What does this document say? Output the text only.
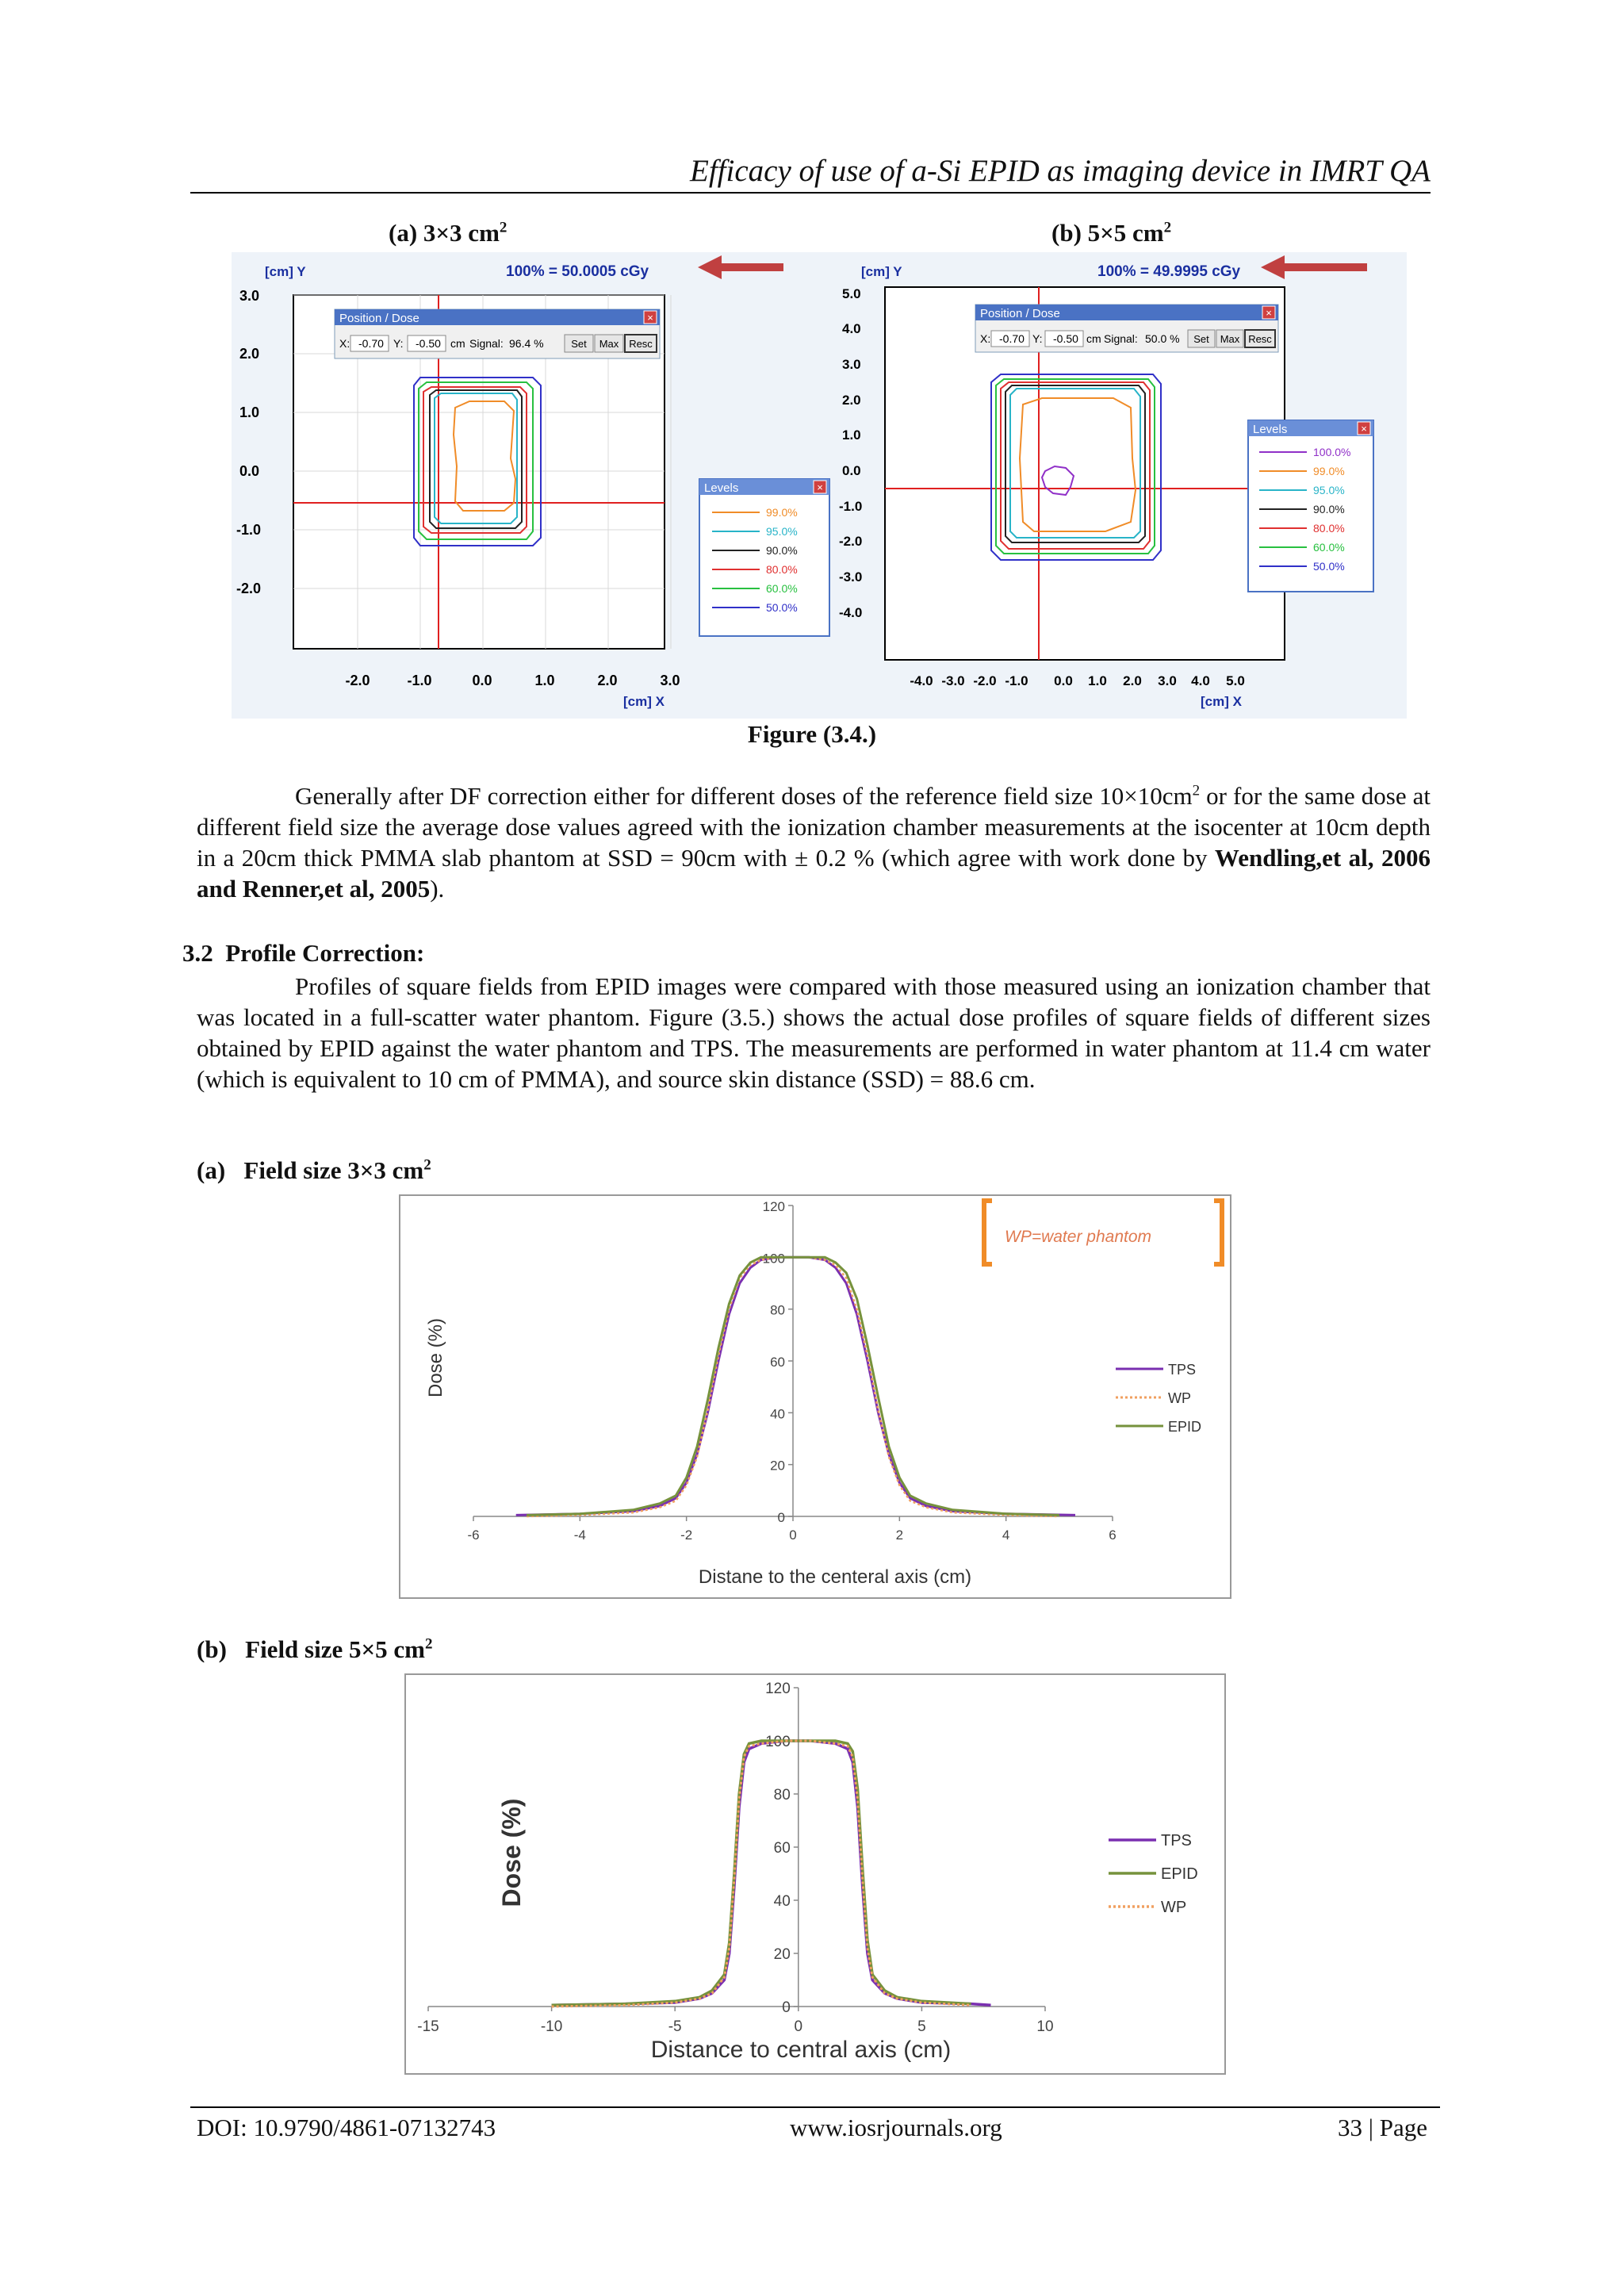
Efficacy of use of a-Si EPID as imaging device in IMRT QA
(a) 3×3 $cm^2$	(b) 5×5 $cm^2$
[cm] Y	100% = 50.0005 cGy
[cm] X
3.0
2.0
1.0
0.0
-1.0
-2.0
-2.0	-1.0	0.0	1.0	2.0	3.0
Position / Dose	×
X: -0.70 Y: -0.50 cm Signal: 96.4 %	Set Max Resc
Levels	×
99.0%
95.0%
90.0%
80.0%
60.0%
50.0%
[cm] Y	100% = 49.9995 cGy
[cm] X
5.0
4.0
3.0
2.0
1.0
0.0
-1.0
-2.0
-3.0
-4.0
-4.0 -3.0 -2.0 -1.0 0.0 1.0 2.0 3.0 4.0 5.0
Position / Dose	×
X: -0.70 Y: -0.50 cm Signal: 50.0 % Set Max Resc
Levels	×
100.0%
99.0%
95.0%
90.0%
80.0%
60.0%
50.0%
Figure (3.4.)
Generally after DF correction either for different doses of the reference field size $10\times 10cm^2$ or for the same dose at different field size the average dose values agreed with the ionization chamber measurements at the isocenter at 10cm depth in a 20cm thick PMMA slab phantom at SSD = 90cm with ± 0.2 % (which agree with work done by Wendling,et al, 2006 and Renner,et al, 2005).
3.2 Profile Correction:
Profiles of square fields from EPID images were compared with those measured using an ionization chamber that was located in a full-scatter water phantom. Figure (3.5.) shows the actual dose profiles of square fields of different sizes obtained by EPID against the water phantom and TPS. The measurements are performed in water phantom at 11.4 cm water (which is equivalent to 10 cm of PMMA), and source skin distance (SSD) = 88.6 cm.
(a)   Field size 3×3 $cm^2$
0
20
40
60
80
100
120
-6	-4	-2	0	2	4	6
WP=water phantom
TPS
WP
EPID
Distane to the centeral axis (cm)
Dose (%)
(b)   Field size 5×5 $cm^2$
0
20
40
60
80
100
120
-15	-10	-5	0	5	10
TPS
EPID
WP
Distance to central axis (cm)
Dose (%)
DOI: 10.9790/4861-07132743	www.iosrjournals.org	33 | Page
